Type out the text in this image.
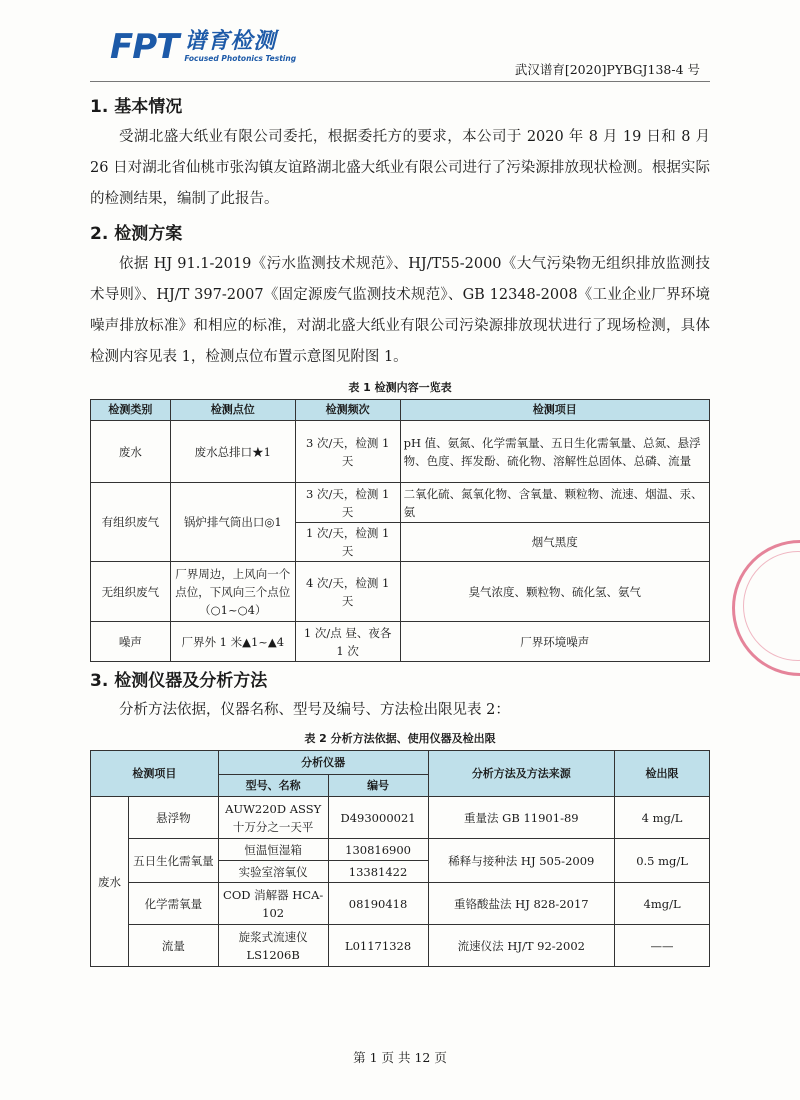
FPT 谱育检测
Focused Photonics Testing
武汉谱育[2020]PYBGJ138-4 号
1. 基本情况

受湖北盛大纸业有限公司委托，根据委托方的要求，本公司于 2020 年 8 月 19 日和 8 月 26 日对湖北省仙桃市张沟镇友谊路湖北盛大纸业有限公司进行了污染源排放现状检测。根据实际的检测结果，编制了此报告。

2. 检测方案

依据 HJ 91.1-2019《污水监测技术规范》、HJ/T55-2000《大气污染物无组织排放监测技术导则》、HJ/T 397-2007《固定源废气监测技术规范》、GB 12348-2008《工业企业厂界环境噪声排放标准》和相应的标准，对湖北盛大纸业有限公司污染源排放现状进行了现场检测，具体检测内容见表 1，检测点位布置示意图见附图 1。

表 1 检测内容一览表
检测类别	检测点位	检测频次	检测项目
废水	废水总排口★1	3 次/天，检测 1 天	pH 值、氨氮、化学需氧量、五日生化需氧量、总氮、悬浮物、色度、挥发酚、硫化物、溶解性总固体、总磷、流量
有组织废气	锅炉排气筒出口◎1	3 次/天，检测 1 天	二氧化硫、氮氧化物、含氧量、颗粒物、流速、烟温、汞、氨
		1 次/天，检测 1 天	烟气黑度
无组织废气	厂界周边，上风向一个点位，下风向三个点位（○1~○4）	4 次/天，检测 1 天	臭气浓度、颗粒物、硫化氢、氨气
噪声	厂界外 1 米▲1~▲4	1 次/点 昼、夜各 1 次	厂界环境噪声
3. 检测仪器及分析方法

分析方法依据，仪器名称、型号及编号、方法检出限见表 2：

表 2 分析方法依据、使用仪器及检出限
检测项目		分析仪器		分析方法及方法来源	检出限
		型号、名称	编号		
废水	悬浮物	AUW220D ASSY 十万分之一天平	D493000021	重量法 GB 11901-89	4 mg/L
	五日生化需氧量	恒温恒湿箱	130816900	稀释与接种法 HJ 505-2009	0.5 mg/L
		实验室溶氧仪	13381422		
	化学需氧量	COD 消解器 HCA-102	08190418	重铬酸盐法 HJ 828-2017	4mg/L
	流量	旋浆式流速仪 LS1206B	L01171328	流速仪法 HJ/T 92-2002	——
第 1 页 共 12 页
